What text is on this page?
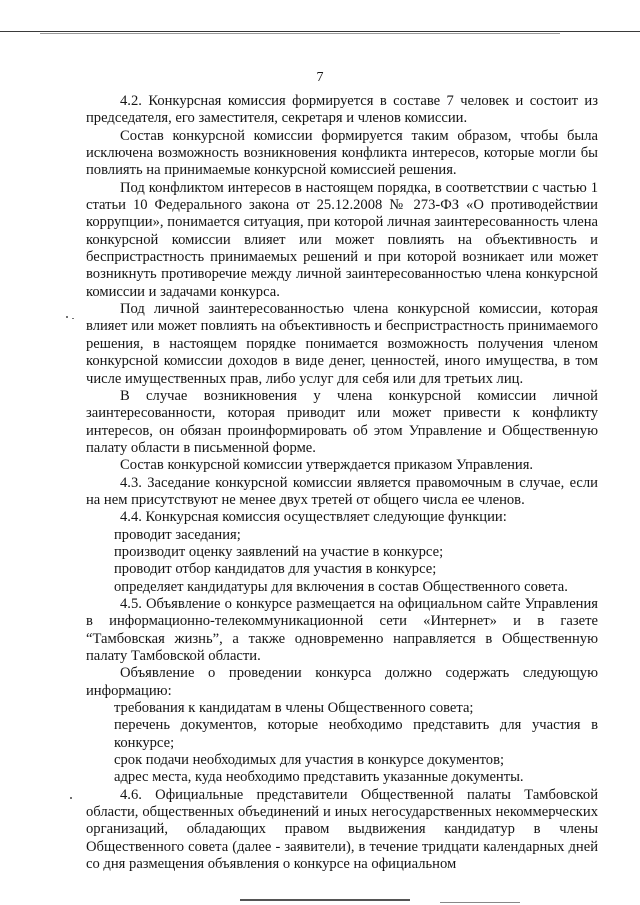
7

4.2. Конкурсная комиссия формируется в составе 7 человек и состоит из председателя, его заместителя, секретаря и членов комиссии.

Состав конкурсной комиссии формируется таким образом, чтобы была исключена возможность возникновения конфликта интересов, которые могли бы повлиять на принимаемые конкурсной комиссией решения.

Под конфликтом интересов в настоящем порядка, в соответствии с частью 1 статьи 10 Федерального закона от 25.12.2008 № 273-ФЗ «О противодействии коррупции», понимается ситуация, при которой личная заинтересованность члена конкурсной комиссии влияет или может повлиять на объективность и беспристрастность принимаемых решений и при которой возникает или может возникнуть противоречие между личной заинтересованностью члена конкурсной комиссии и задачами конкурса.

Под личной заинтересованностью члена конкурсной комиссии, которая влияет или может повлиять на объективность и беспристрастность принимаемого решения, в настоящем порядке понимается возможность получения членом конкурсной комиссии доходов в виде денег, ценностей, иного имущества, в том числе имущественных прав, либо услуг для себя или для третьих лиц.

В случае возникновения у члена конкурсной комиссии личной заинтересованности, которая приводит или может привести к конфликту интересов, он обязан проинформировать об этом Управление и Общественную палату области в письменной форме.

Состав конкурсной комиссии утверждается приказом Управления.

4.3. Заседание конкурсной комиссии является правомочным в случае, если на нем присутствуют не менее двух третей от общего числа ее членов.

4.4. Конкурсная комиссия осуществляет следующие функции:

проводит заседания;

производит оценку заявлений на участие в конкурсе;

проводит отбор кандидатов для участия в конкурсе;

определяет кандидатуры для включения в состав Общественного совета.

4.5. Объявление о конкурсе размещается на официальном сайте Управления в информационно-телекоммуникационной сети «Интернет» и в газете “Тамбовская жизнь”, а также одновременно направляется в Общественную палату Тамбовской области.

Объявление о проведении конкурса должно содержать следующую информацию:

требования к кандидатам в члены Общественного совета;

перечень документов, которые необходимо представить для участия в конкурсе;

срок подачи необходимых для участия в конкурсе документов;

адрес места, куда необходимо представить указанные документы.

4.6. Официальные представители Общественной палаты Тамбовской области, общественных объединений и иных негосударственных некоммерческих организаций, обладающих правом выдвижения кандидатур в члены Общественного совета (далее - заявители), в течение тридцати календарных дней со дня размещения объявления о конкурсе на официальном
